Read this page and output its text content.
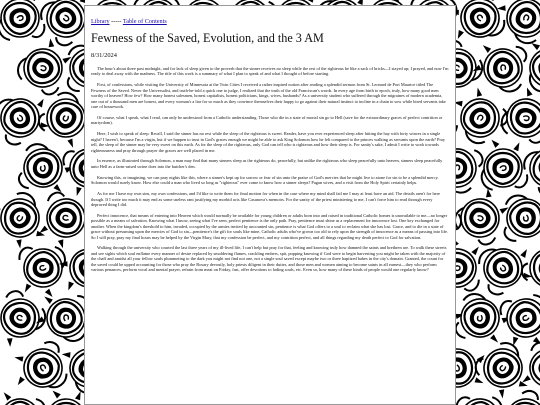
Library ----- Table of Contents
Fewness of the Saved, Evolution, and the 3 AM
8/31/2024

The hour's about three past midnight, and for lack of sleep given to the proverb that the sinner receives no sleep while the rest of the righteous be like a sack of bricks—I stayed up; I prayed, and now I'm ready to deal away with the madness. The title of this work is a summary of what I plan to speak of and what I thought of before starting.

First, of confessions, while visiting the University of Minnesota at the Twin Cities I received a rather inspired notion after reading a splendid sermon from St. Leonard de Port Maurice titled The Fewness of the Saved. Never the Universalist, and truth-be-told a quick one to judge, I realized that the truth of the old Franciscan's words. In every age from birth to epoch, truly, how many good men worthy of heaven? How few? How many honest salesmen, honest capitalists, honest politicians, kings, wives, husbands? As a university student who suffered through the migraines of modern academia, one out of a thousand men are honest, and every woman's a liar for so much as they convince themselves their happy to go against their natural instinct to incline in a chain to sow while hired servants take care of housework.

Of course, what I speak, what I read, can only be understood from a Catholic understanding. Those who die in a state of mortal sin go to Hell (save for the extraordinary graces of perfect contrition or martyrdom).

Here, I wish to speak of sleep. Recall, I said the sinner has no rest while the sleep of the righteous is sweet. Reader, have you ever experienced sleep after hitting the hay with forty winces in a single night? I haven't, because I'm a virgin, but if we happen to trust in God's graces enough we might be able to ask King Solomon how he felt compared to the princes walking as servants upon the earth? Pray tell, the sleep of the sinner may be very sweet on this earth. As for the sleep of the righteous, only God can tell who is righteous and how their sleep is. For sanity's sake, I admit I write to work towards righteousness and pray through prayer the graces are well placed in me.

In essence, as illustrated through Solomon, a man may find that many sinners sleep as the righteous do, peacefully, but unlike the righteous who sleep peacefully unto heaven, sinners sleep peacefully unto Hell as a farm-raised swine does into the butcher's den.

Knowing this, or imagining, we can pray nights like this, where a sinner's kept up for sorrow or fear of sin unto the praise of God's mercies that he might live to atone for sin to be a splendid mercy. Solomon would surely know. How else could a man who lived so long as "righteous" ever come to know how a sinner sleeps? Pagan wives, and a visit from the Holy Spirit certainly helps.

As for me I have my own sins, my own confessions, and I'd like to write them for final motion for when in the case where my mind shall fail me I may at least have an aid. The details aren't for here though. If I write too much it may end as some useless rant justifying my morbid acts like Casanova's memoirs. For the sanity of the priest ministering to me, I can't force him to read through every depraved thing I did.

Perfect innocence, that means of entering into Heaven which would normally be available for young children or adults born into and raised in traditional Catholic homes is unavailable to me—no longer possible as a means of salvation. Knowing what I know, seeing what I've seen, perfect penitence is the only path. Pray, penitence must shine as a replacement for innocence lost. One key exchanged for another. When the kingdom's threshold to him, invaded, occupied by the armies invited by uncounted sin, penitence is what God offers to a soul to reclaim what she has lost. Grace, and to die in a state of grace without presuming upon the mercies of God to sin—penitence's the gift for souls like mine, Catholic adults who've grown too old to rely upon the strength of innocence as a means of passing into life. So I will pray, pray my final hours may be helped by the Virgin Mary, that my confession be perfect, and my contrition perfect, and all things regarding my death perfect to God for salvation.

Walking through the university who courted the last three years of my ill-lived life, I can't help but pray for that, feeling and knowing truly how damned the saints and brethren are. To walk these streets and see sights which soul enflame every manner of desire replaced by smoldering flames, crackling embers, spit, popping knowing if God were to begin harvesting you might be taken with the majority of the chaff and amidst all your fellow souls plummeting to the dark you might not find not one, not a single soul saved except maybe two or three baptized babes in the city's domain. Granted, the count for the saved could be upped accounting for those who pray the Rosary devoutly, holy priests diligent in their duties, and those men and women aiming to become saints in all earnest—they who perform various penances, perform vocal and mental prayer, refrain from meat on Friday, fast, offer devotions to fading souls, etc. Even so, how many of these kinds of people would one regularly know?
